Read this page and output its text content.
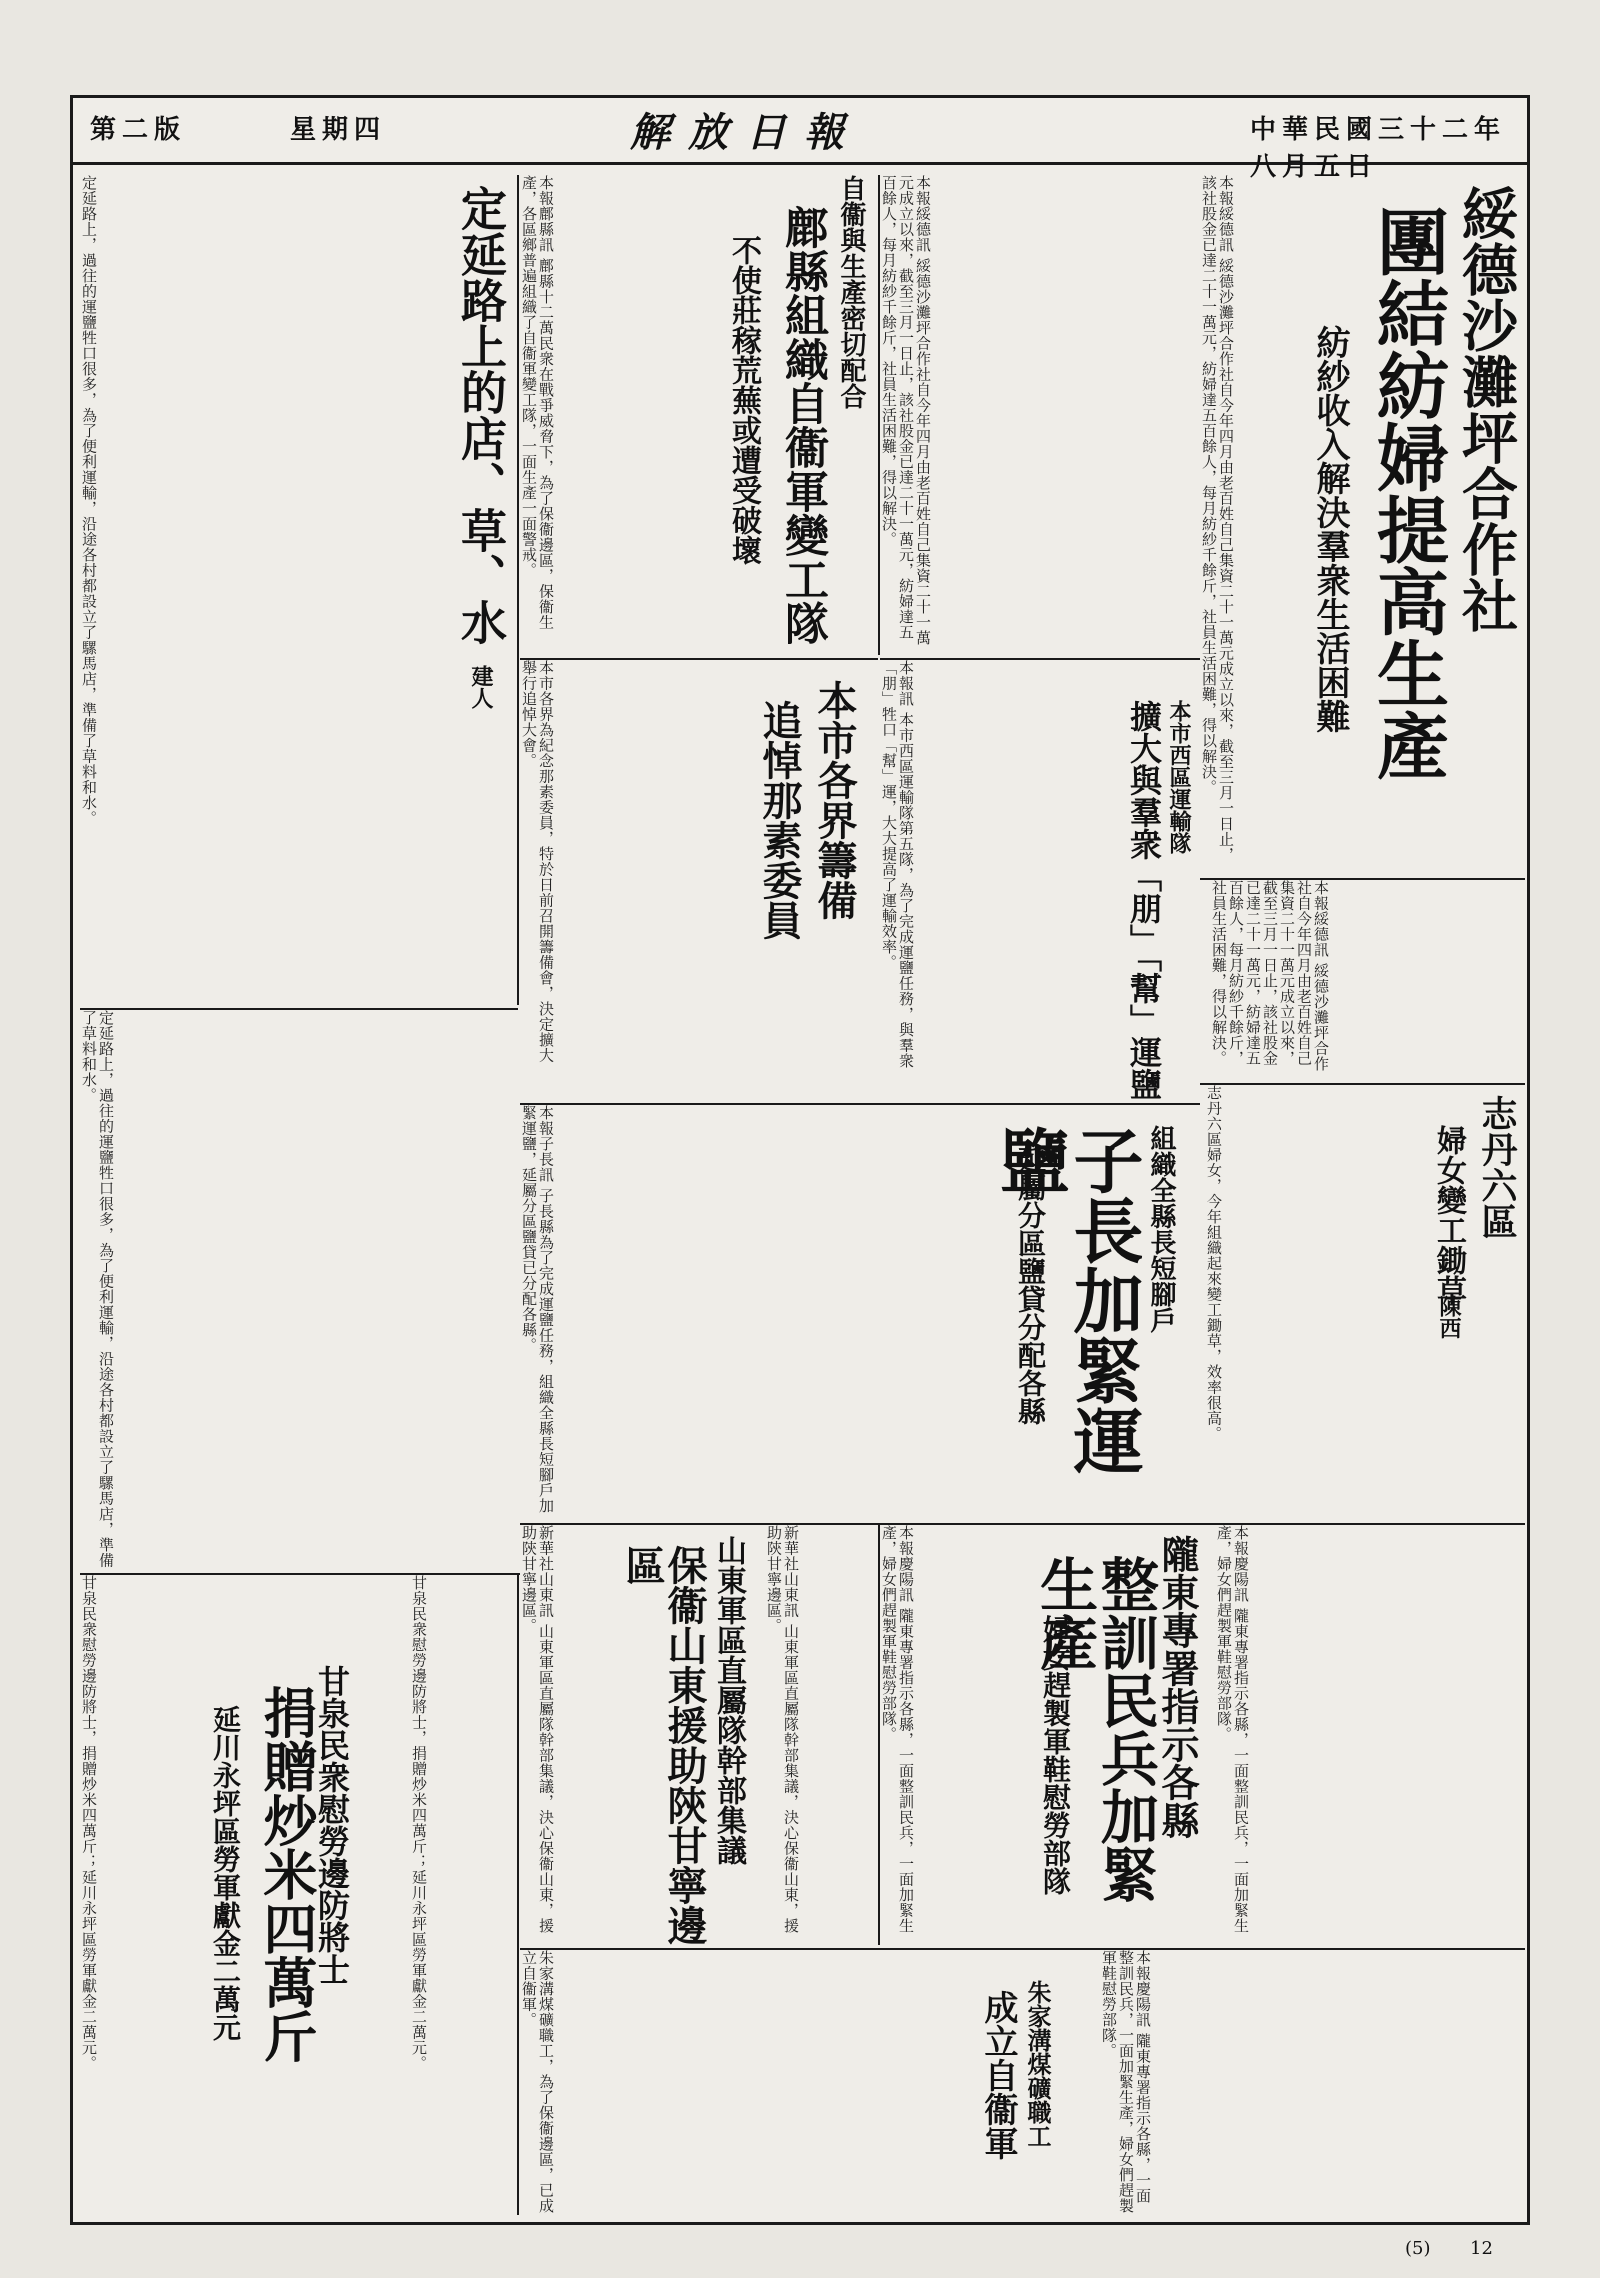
中華民國三十二年八月五日
解放日報
星期四
第二版
綏德沙灘坪合作社
團結紡婦提高生產
紡紗收入解決羣衆生活困難

本報綏德訊 綏德沙灘坪合作社自今年四月由老百姓自己集資二十一萬元成立以來，截至三月一日止，該社股金已達二十一萬元，紡婦達五百餘人，每月紡紗千餘斤，社員生活困難，得以解決。

本報綏德訊 綏德沙灘坪合作社自今年四月由老百姓自己集資二十一萬元成立以來，截至三月一日止，該社股金已達二十一萬元，紡婦達五百餘人，每月紡紗千餘斤，社員生活困難，得以解決。

自衞與生產密切配合
鄜縣組織自衞軍變工隊
不使莊稼荒蕪或遭受破壞

本報鄜縣訊 鄜縣十二萬民衆在戰爭威脅下，為了保衞邊區，保衞生產，各區鄉普遍組織了自衞軍變工隊，一面生產一面警戒。

定延路上的店、草、水
建人

定延路上，過往的運鹽牲口很多，為了便利運輸，沿途各村都設立了騾馬店，準備了草料和水。	本市各界籌備
追悼那素委員

本市各界為紀念那素委員，特於日前召開籌備會，決定擴大舉行追悼大會。	本市西區運輸隊
擴大與羣衆「朋」「幫」運鹽

本報訊 本市西區運輸隊第五隊，為了完成運鹽任務，與羣衆「朋」牲口「幫」運，大大提高了運輸效率。

本報綏德訊 綏德沙灘坪合作社自今年四月由老百姓自己集資二十一萬元成立以來，截至三月一日止，該社股金已達二十一萬元，紡婦達五百餘人，每月紡紗千餘斤，社員生活困難，得以解決。

志丹六區
婦女變工鋤草
陳西

志丹六區婦女，今年組織起來變工鋤草，效率很高。

組織全縣長短腳戶
子長加緊運鹽
延屬分區鹽貸分配各縣

本報子長訊 子長縣為了完成運鹽任務，組織全縣長短腳戶加緊運鹽，延屬分區鹽貸已分配各縣。

定延路上，過往的運鹽牲口很多，為了便利運輸，沿途各村都設立了騾馬店，準備了草料和水。

隴東專署指示各縣
整訓民兵加緊生產
婦女趕製軍鞋慰勞部隊

本報慶陽訊 隴東專署指示各縣，一面整訓民兵，一面加緊生產，婦女們趕製軍鞋慰勞部隊。	本報慶陽訊 隴東專署指示各縣，一面整訓民兵，一面加緊生產，婦女們趕製軍鞋慰勞部隊。

山東軍區直屬隊幹部集議
保衞山東援助陝甘寧邊區

新華社山東訊 山東軍區直屬隊幹部集議，決心保衞山東，援助陝甘寧邊區。	新華社山東訊 山東軍區直屬隊幹部集議，決心保衞山東，援助陝甘寧邊區。

甘泉民衆慰勞邊防將士
捐贈炒米四萬斤
延川永坪區勞軍獻金二萬元

甘泉民衆慰勞邊防將士，捐贈炒米四萬斤；延川永坪區勞軍獻金二萬元。	甘泉民衆慰勞邊防將士，捐贈炒米四萬斤；延川永坪區勞軍獻金二萬元。	朱家溝煤礦職工
成立自衞軍

朱家溝煤礦職工，為了保衞邊區，已成立自衞軍。	本報慶陽訊 隴東專署指示各縣，一面整訓民兵，一面加緊生產，婦女們趕製軍鞋慰勞部隊。

(5) 12
